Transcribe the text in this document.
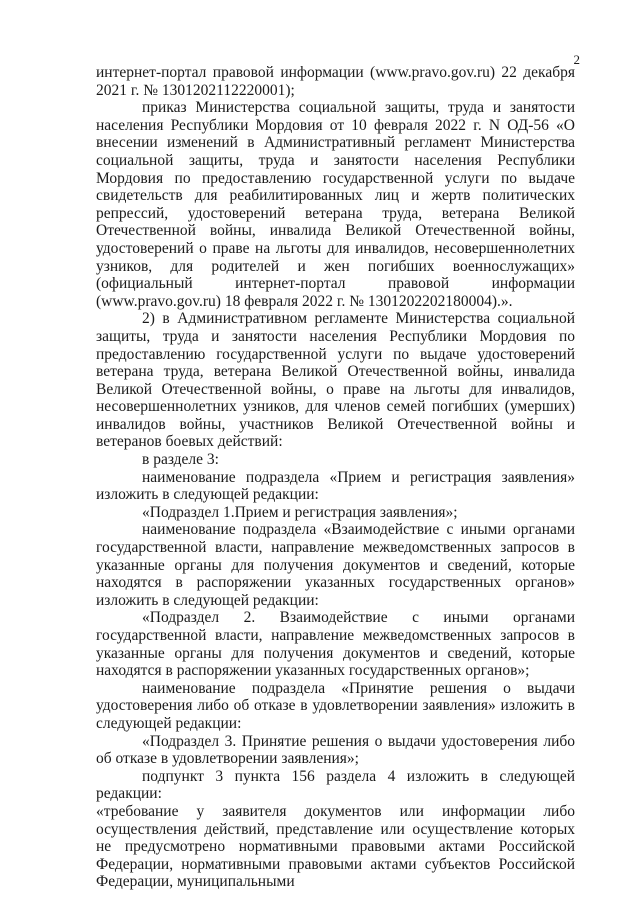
2

интернет-портал правовой информации (www.pravo.gov.ru) 22 декабря 2021 г. № 1301202112220001);

приказ Министерства социальной защиты, труда и занятости населения Республики Мордовия от 10 февраля 2022 г. N ОД-56 «О внесении изменений в Административный регламент Министерства социальной защиты, труда и занятости населения Республики Мордовия по предоставлению государственной услуги по выдаче свидетельств для реабилитированных лиц и жертв политических репрессий, удостоверений ветерана труда, ветерана Великой Отечественной войны, инвалида Великой Отечественной войны, удостоверений о праве на льготы для инвалидов, несовершеннолетних узников, для родителей и жен погибших военнослужащих» (официальный интернет-портал правовой информации (www.pravo.gov.ru) 18 февраля 2022 г. № 1301202202180004).».

2) в Административном регламенте Министерства социальной защиты, труда и занятости населения Республики Мордовия по предоставлению государственной услуги по выдаче удостоверений ветерана труда, ветерана Великой Отечественной войны, инвалида Великой Отечественной войны, о праве на льготы для инвалидов, несовершеннолетних узников, для членов семей погибших (умерших) инвалидов войны, участников Великой Отечественной войны и ветеранов боевых действий:

в разделе 3:

наименование подраздела «Прием и регистрация заявления» изложить в следующей редакции:

«Подраздел 1.Прием и регистрация заявления»;

наименование подраздела «Взаимодействие с иными органами государственной власти, направление межведомственных запросов в указанные органы для получения документов и сведений, которые находятся в распоряжении указанных государственных органов» изложить в следующей редакции:

«Подраздел 2. Взаимодействие с иными органами государственной власти, направление межведомственных запросов в указанные органы для получения документов и сведений, которые находятся в распоряжении указанных государственных органов»;

наименование подраздела «Принятие решения о выдачи удостоверения либо об отказе в удовлетворении заявления» изложить в следующей редакции:

«Подраздел 3. Принятие решения о выдачи удостоверения либо об отказе в удовлетворении заявления»;

подпункт 3 пункта 156 раздела 4 изложить в следующей редакции:

«требование у заявителя документов или информации либо осуществления действий, представление или осуществление которых не предусмотрено нормативными правовыми актами Российской Федерации, нормативными правовыми актами субъектов Российской Федерации, муниципальными
